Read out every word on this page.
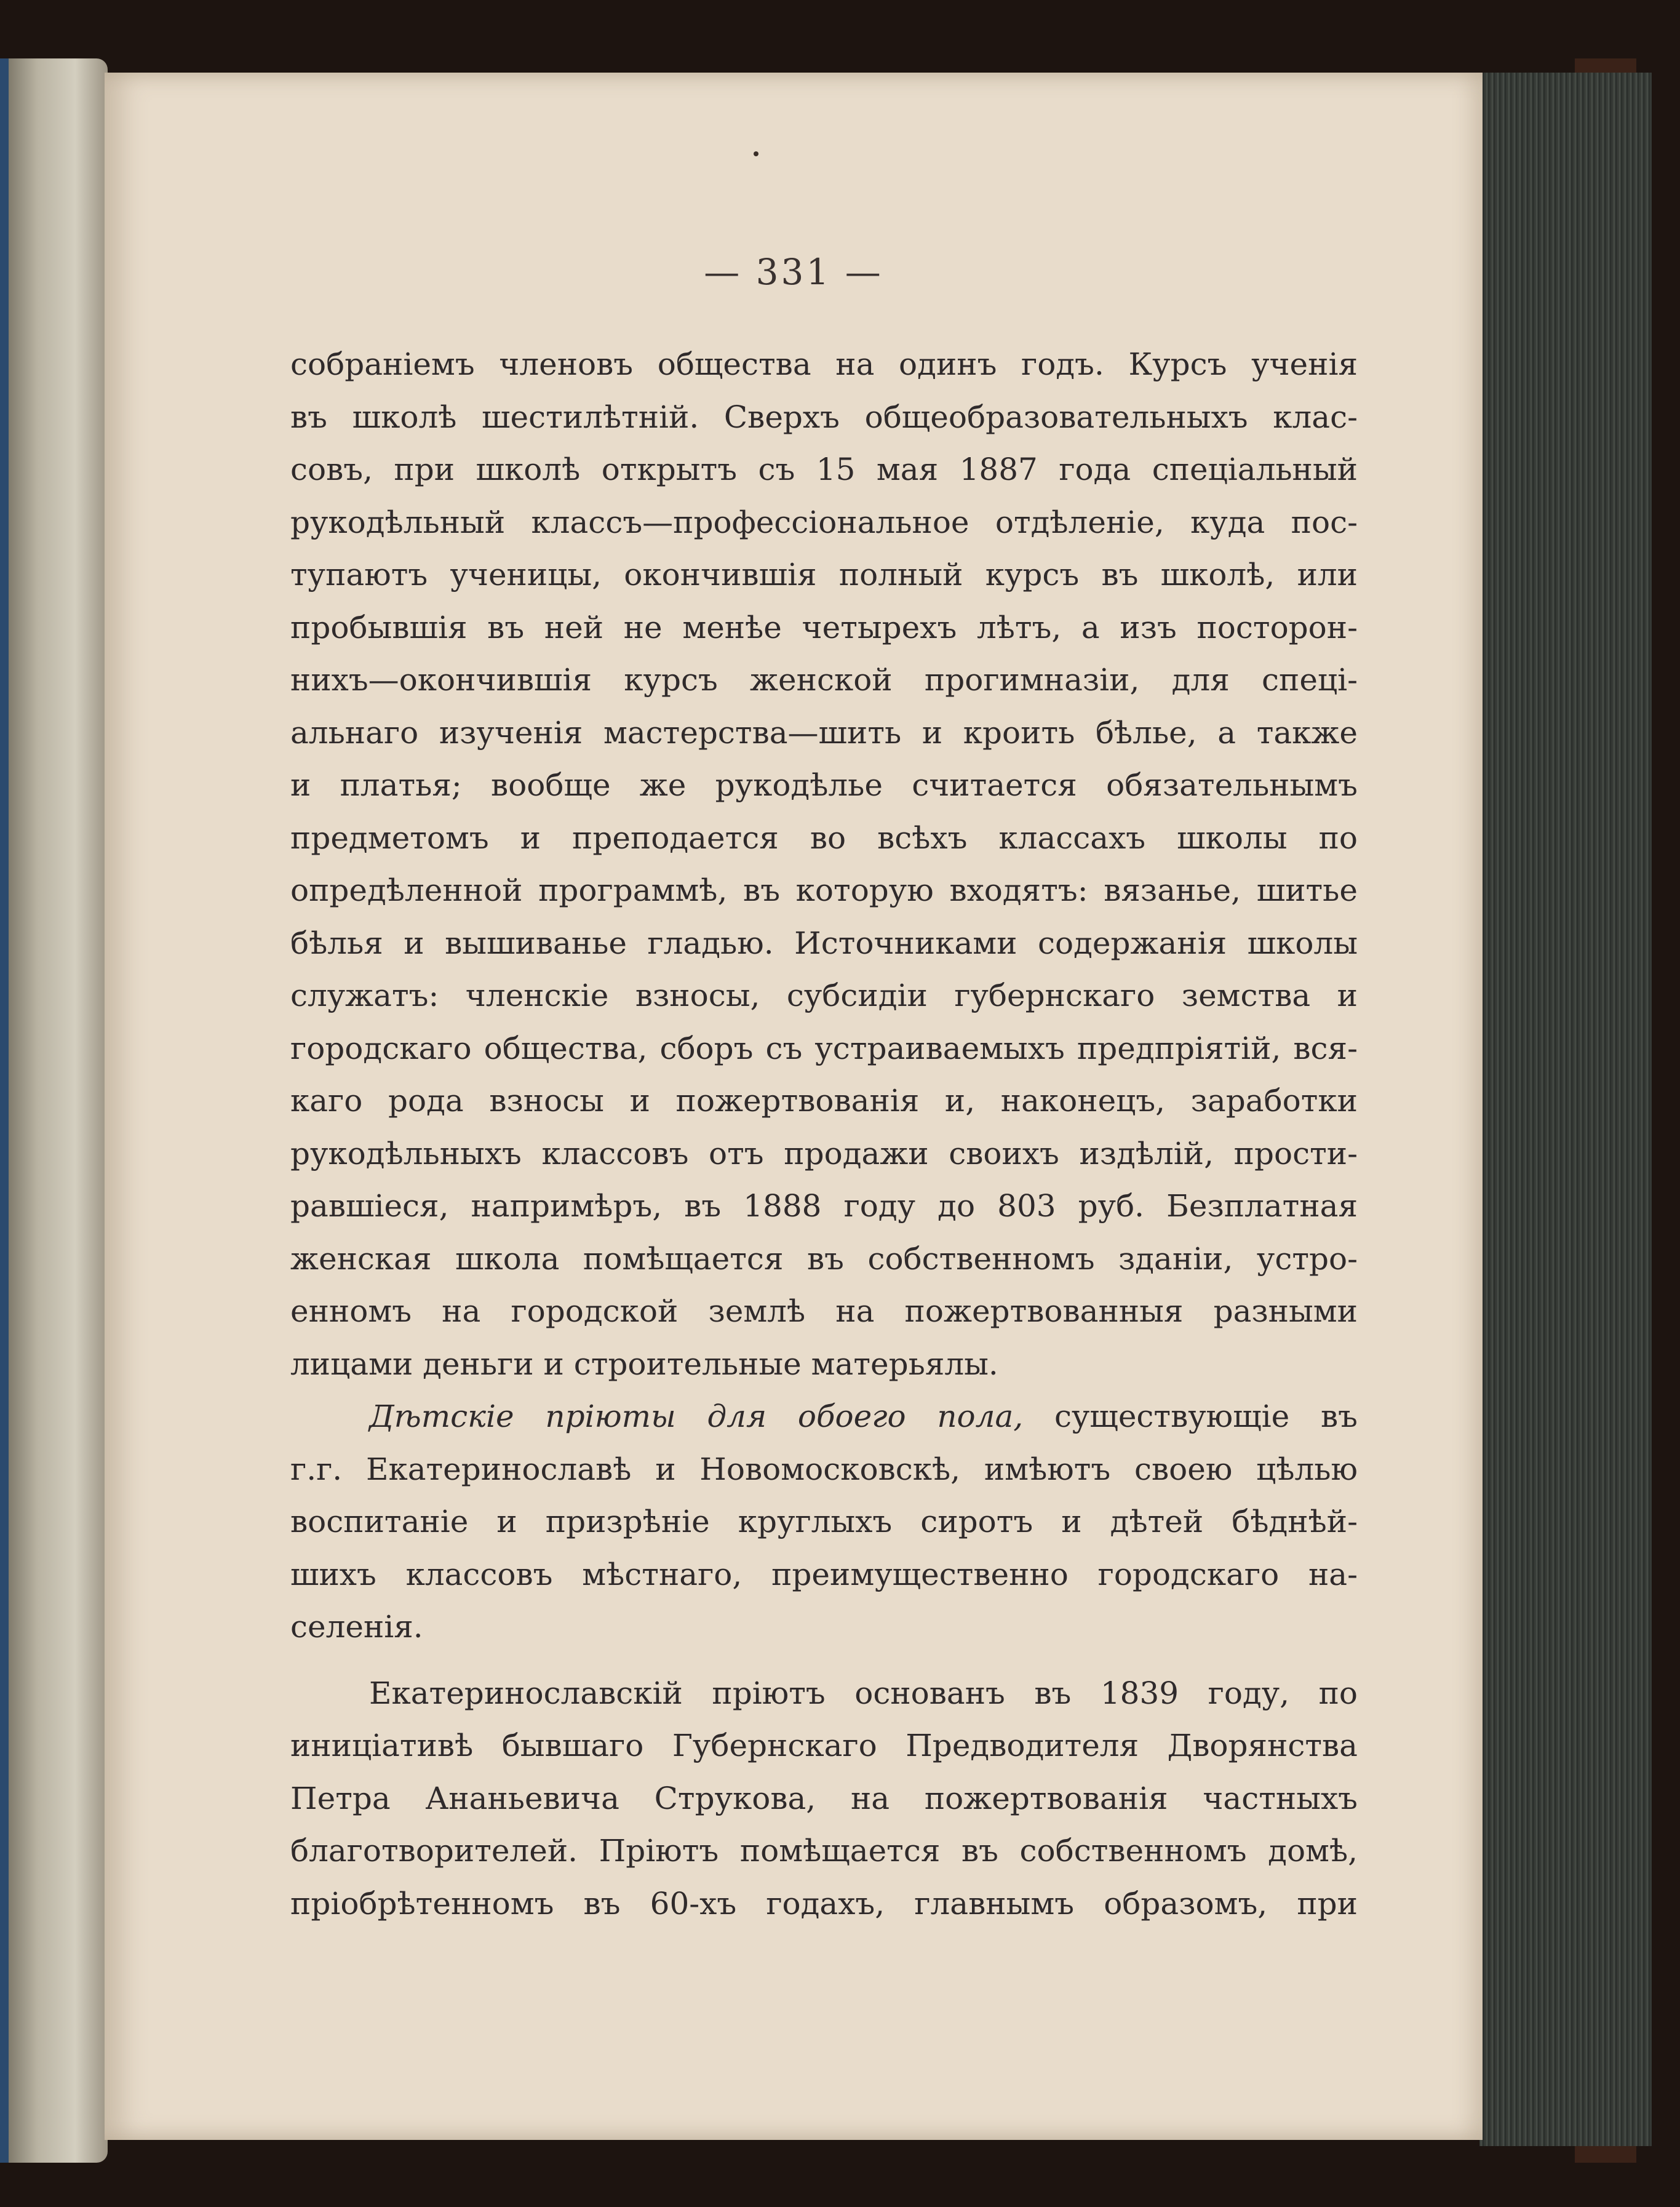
— 331 —
собраніемъ членовъ общества на одинъ годъ. Курсъ ученія
въ школѣ шестилѣтній. Сверхъ общеобразовательныхъ клас-
совъ, при школѣ открытъ съ 15 мая 1887 года спеціальный
рукодѣльный классъ—профессіональное отдѣленіе, куда пос-
тупаютъ ученицы, окончившія полный курсъ въ школѣ, или
пробывшія въ ней не менѣе четырехъ лѣтъ, а изъ посторон-
нихъ—окончившія курсъ женской прогимназіи, для спеці-
альнаго изученія мастерства—шить и кроить бѣлье, а также
и платья; вообще же рукодѣлье считается обязательнымъ
предметомъ и преподается во всѣхъ классахъ школы по
опредѣленной программѣ, въ которую входятъ: вязанье, шитье
бѣлья и вышиванье гладью. Источниками содержанія школы
служатъ: членскіе взносы, субсидіи губернскаго земства и
городскаго общества, сборъ съ устраиваемыхъ предпріятій, вся-
каго рода взносы и пожертвованія и, наконецъ, заработки
рукодѣльныхъ классовъ отъ продажи своихъ издѣлій, прости-
равшіеся, напримѣръ, въ 1888 году до 803 руб. Безплатная
женская школа помѣщается въ собственномъ зданіи, устро-
енномъ на городской землѣ на пожертвованныя разными
лицами деньги и строительные матерьялы.
Дѣтскіе пріюты для обоего пола, существующіе въ
г.г. Екатеринославѣ и Новомосковскѣ, имѣютъ своею цѣлью
воспитаніе и призрѣніе круглыхъ сиротъ и дѣтей бѣднѣй-
шихъ классовъ мѣстнаго, преимущественно городскаго на-
селенія.
Екатеринославскій пріютъ основанъ въ 1839 году, по
иниціативѣ бывшаго Губернскаго Предводителя Дворянства
Петра Ананьевича Струкова, на пожертвованія частныхъ
благотворителей. Пріютъ помѣщается въ собственномъ домѣ,
пріобрѣтенномъ въ 60-хъ годахъ, главнымъ образомъ, при
